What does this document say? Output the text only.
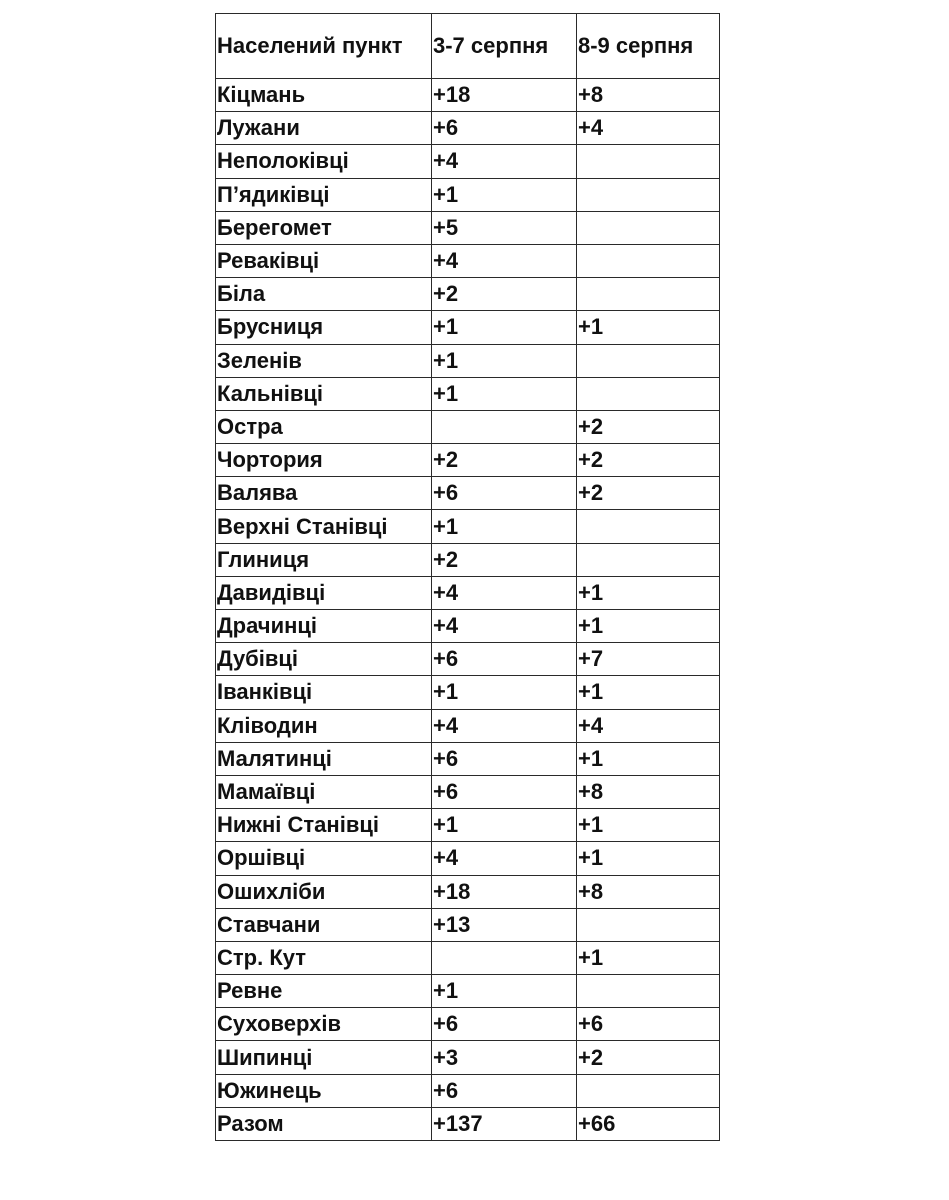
Населений пункт	3-7 серпня	8-9 серпня
Кіцмань	+18	+8
Лужани	+6	+4
Неполоківці	+4	
П’ядиківці	+1	
Берегомет	+5	
Реваківці	+4	
Біла	+2	
Брусниця	+1	+1
Зеленів	+1	
Кальнівці	+1	
Остра		+2
Чортория	+2	+2
Валява	+6	+2
Верхні Станівці	+1	
Глиниця	+2	
Давидівці	+4	+1
Драчинці	+4	+1
Дубівці	+6	+7
Іванківці	+1	+1
Кліводин	+4	+4
Малятинці	+6	+1
Мамаївці	+6	+8
Нижні Станівці	+1	+1
Оршівці	+4	+1
Ошихліби	+18	+8
Ставчани	+13	
Стр. Кут		+1
Ревне	+1	
Суховерхів	+6	+6
Шипинці	+3	+2
Южинець	+6	
Разом	+137	+66
